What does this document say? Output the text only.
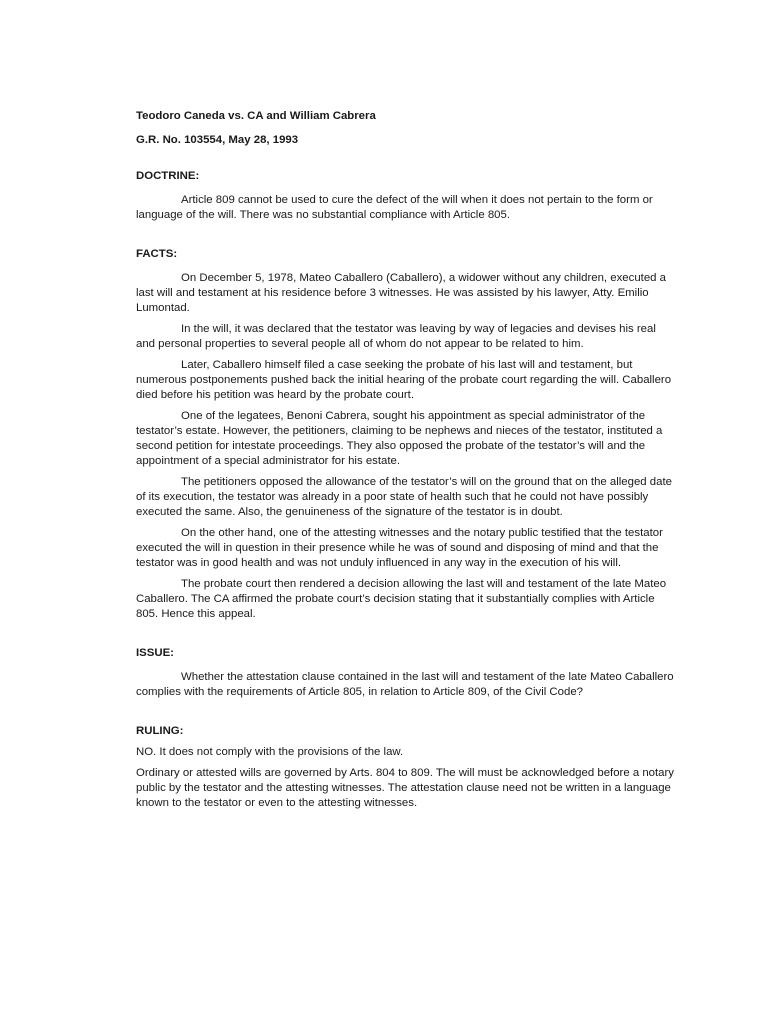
Teodoro Caneda vs. CA and William Cabrera

G.R. No. 103554, May 28, 1993

DOCTRINE:

Article 809 cannot be used to cure the defect of the will when it does not pertain to the form or language of the will. There was no substantial compliance with Article 805.

FACTS:

On December 5, 1978, Mateo Caballero (Caballero), a widower without any children, executed a last will and testament at his residence before 3 witnesses. He was assisted by his lawyer, Atty. Emilio Lumontad.

In the will, it was declared that the testator was leaving by way of legacies and devises his real and personal properties to several people all of whom do not appear to be related to him.

Later, Caballero himself filed a case seeking the probate of his last will and testament, but numerous postponements pushed back the initial hearing of the probate court regarding the will. Caballero died before his petition was heard by the probate court.

One of the legatees, Benoni Cabrera, sought his appointment as special administrator of the testator’s estate. However, the petitioners, claiming to be nephews and nieces of the testator, instituted a second petition for intestate proceedings. They also opposed the probate of the testator’s will and the appointment of a special administrator for his estate.

The petitioners opposed the allowance of the testator’s will on the ground that on the alleged date of its execution, the testator was already in a poor state of health such that he could not have possibly executed the same. Also, the genuineness of the signature of the testator is in doubt.

On the other hand, one of the attesting witnesses and the notary public testified that the testator executed the will in question in their presence while he was of sound and disposing of mind and that the testator was in good health and was not unduly influenced in any way in the execution of his will.

The probate court then rendered a decision allowing the last will and testament of the late Mateo Caballero. The CA affirmed the probate court’s decision stating that it substantially complies with Article 805. Hence this appeal.

ISSUE:

Whether the attestation clause contained in the last will and testament of the late Mateo Caballero complies with the requirements of Article 805, in relation to Article 809, of the Civil Code?

RULING:

NO. It does not comply with the provisions of the law.

Ordinary or attested wills are governed by Arts. 804 to 809. The will must be acknowledged before a notary public by the testator and the attesting witnesses. The attestation clause need not be written in a language known to the testator or even to the attesting witnesses.
